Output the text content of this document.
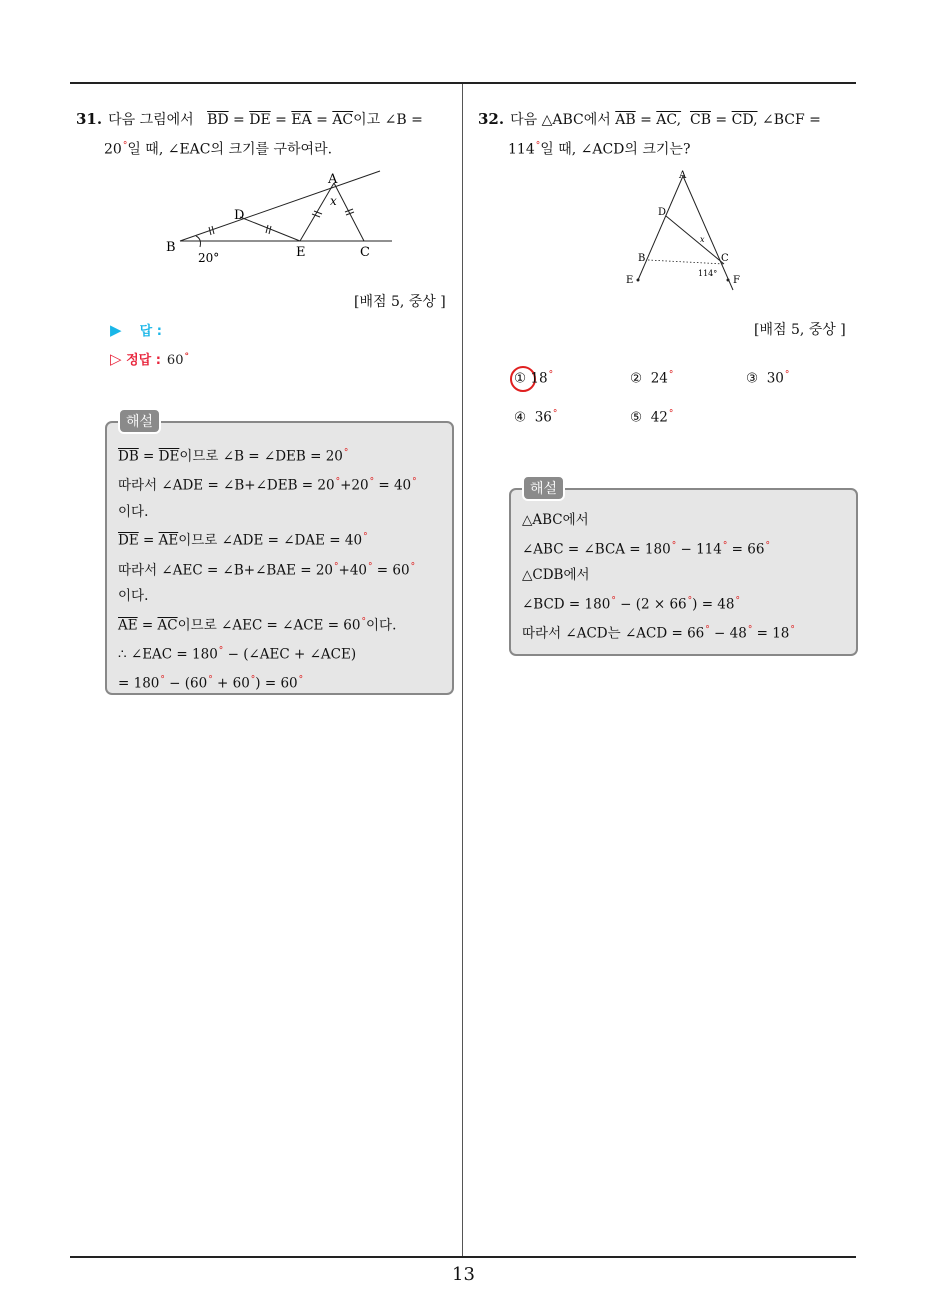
31. 다음 그림에서 $\overline{BD} = \overline{DE} = \overline{EA} = \overline{AC}$이고 ∠B =
20°일 때, ∠EAC의 크기를 구하여라.
A
B	C
D
E
x
20°
[배점 5, 중상 ]
▶ 답 :
▷ 정답 : 60°
해설
$\overline{DB} = \overline{DE}$이므로 ∠B = ∠DEB = 20°
따라서 ∠ADE = ∠B+∠DEB = 20°+20° = 40°
이다.
$\overline{DE} = \overline{AE}$이므로 ∠ADE = ∠DAE = 40°
따라서 ∠AEC = ∠B+∠BAE = 20°+40° = 60°
이다.
$\overline{AE} = \overline{AC}$이므로 ∠AEC = ∠ACE = 60°이다.
∴ ∠EAC = 180° − (∠AEC + ∠ACE)
= 180° − (60° + 60°) = 60°
32. 다음 △ABC에서 $\overline{AB}$ = AC, $\overline{CB}$ = CD, ∠BCF =
114°일 때, ∠ACD의 크기는?
A
D
B	C
E	F
x
114°
[배점 5, 중상 ]
① 18°	② 24°	③ 30°
④ 36°	⑤ 42°
해설
△ABC에서
∠ABC = ∠BCA = 180° − 114° = 66°
△CDB에서
∠BCD = 180° − (2 × 66°) = 48°
따라서 ∠ACD는 ∠ACD = 66° − 48° = 18°
13
